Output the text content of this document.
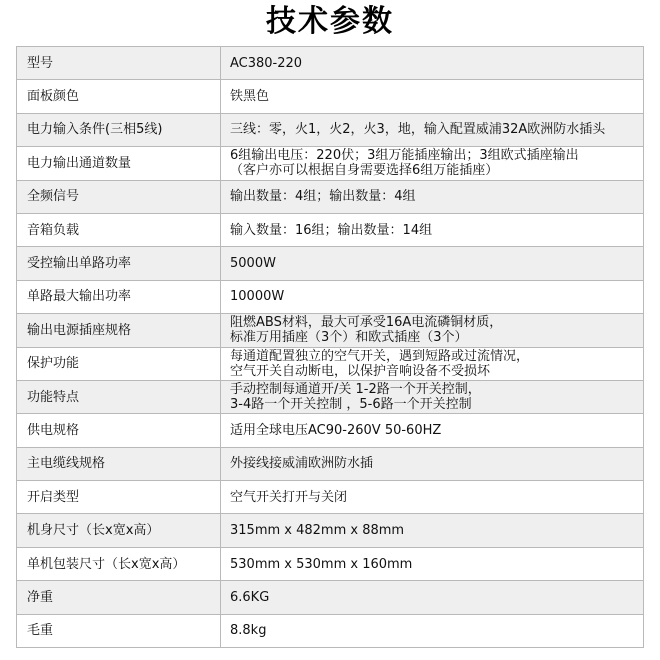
技术参数
型号	AC380-220

面板颜色	铁黑色

电力输入条件(三相5线)	三线：零，火1，火2，火3，地，输入配置威浦32A欧洲防水插头

电力输出通道数量	6组输出电压：220伏；3组万能插座输出；3组欧式插座输出
（客户亦可以根据自身需要选择6组万能插座）

全频信号	输出数量：4组；输出数量：4组

音箱负载	输入数量：16组；输出数量：14组

受控输出单路功率	5000W

单路最大输出功率	10000W

输出电源插座规格	阻燃ABS材料，最大可承受16A电流磷铜材质，
标准万用插座（3个）和欧式插座（3个）

保护功能	每通道配置独立的空气开关，遇到短路或过流情况，
空气开关自动断电，以保护音响设备不受损坏

功能特点	手动控制每通道开/关 1-2路一个开关控制，
3-4路一个开关控制 ，5-6路一个开关控制

供电规格	适用全球电压AC90-260V 50-60HZ

主电缆线规格	外接线接威浦欧洲防水插

开启类型	空气开关打开与关闭

机身尺寸（长x宽x高）	315mm x 482mm x 88mm

单机包装尺寸（长x宽x高）	530mm x 530mm x 160mm

净重	6.6KG

毛重	8.8kg
